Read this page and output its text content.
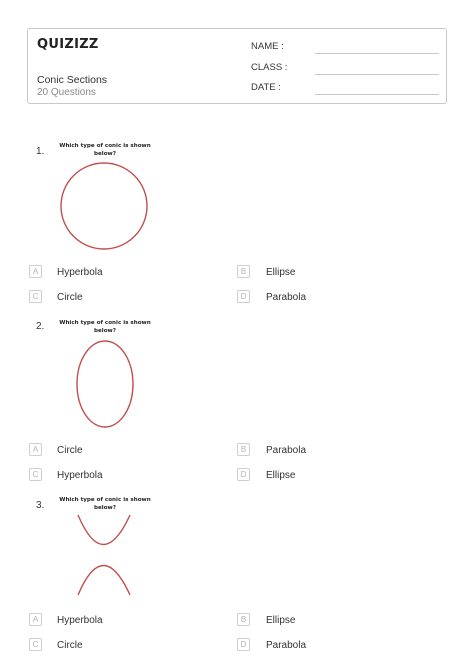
QUIZIZZ
Conic Sections
20 Questions
NAME :
CLASS :
DATE :
1.	Which type of conic is shown
below?
A	Hyperbola	B	Ellipse
C	Circle	D	Parabola
2.	Which type of conic is shown
below?
A	Circle	B	Parabola
C	Hyperbola	D	Ellipse
3.	Which type of conic is shown
below?
A	Hyperbola	B	Ellipse
C	Circle	D	Parabola
